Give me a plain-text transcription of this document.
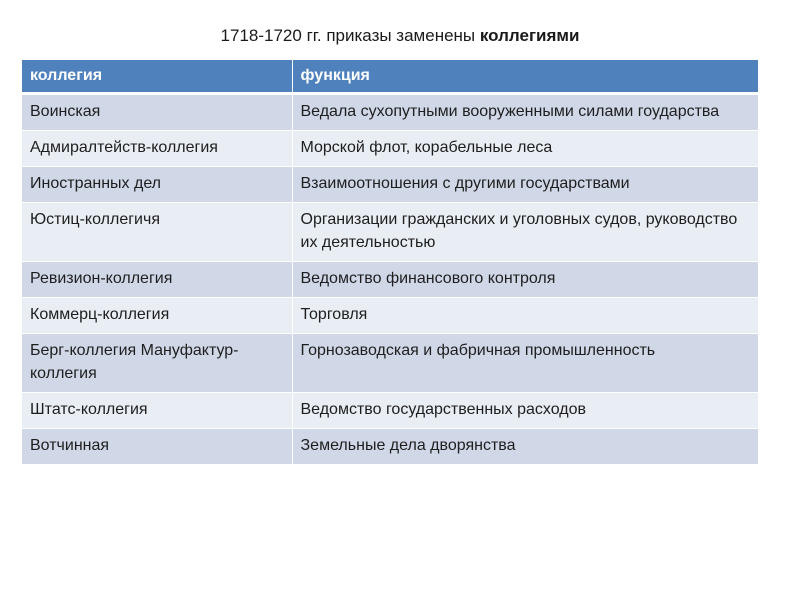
1718-1720 гг. приказы заменены коллегиями
коллегия	функция
Воинская	Ведала сухопутными вооруженными силами гоударства
Адмиралтейств-коллегия	Морской флот, корабельные леса
Иностранных дел	Взаимоотношения с другими государствами
Юстиц-коллегичя	Организации гражданских и уголовных судов, руководство их деятельностью
Ревизион-коллегия	Ведомство финансового контроля
Коммерц-коллегия	Торговля
Берг-коллегия Мануфактур-коллегия	Горнозаводская и фабричная промышленность
Штатс-коллегия	Ведомство государственных расходов
Вотчинная	Земельные дела дворянства
